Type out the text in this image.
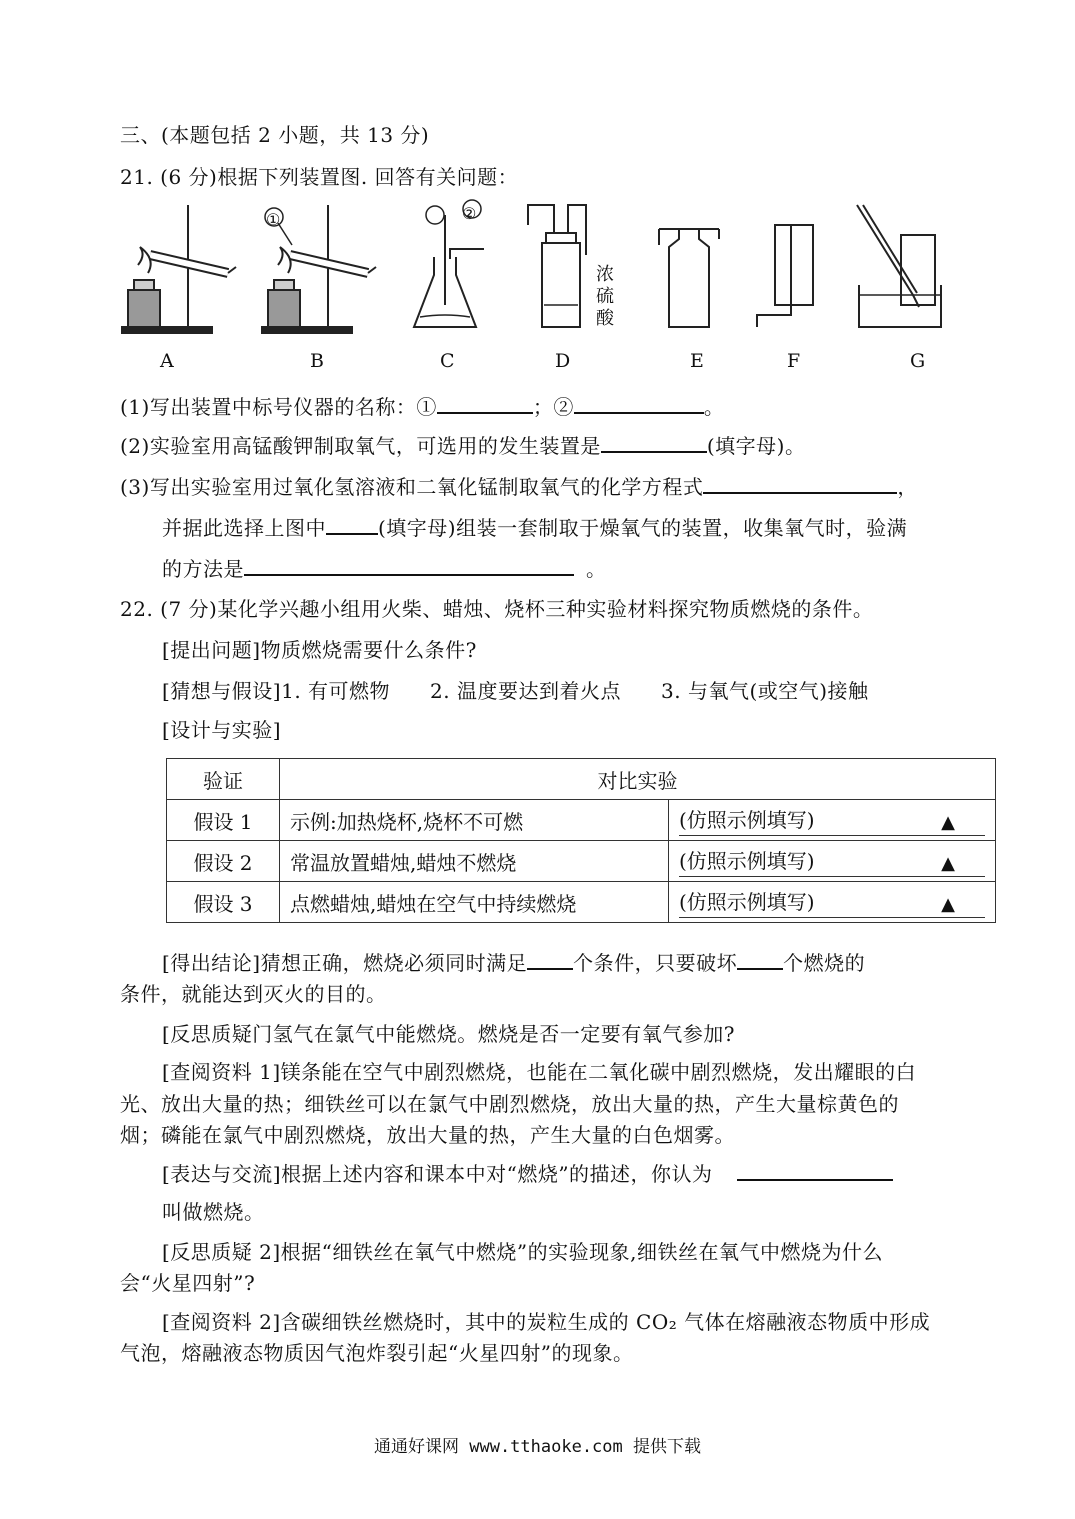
三、(本题包括 2 小题，共 13 分)
21. (6 分)根据下列装置图. 回答有关问题：
A	B	C	D	E	F	G
①	②
浓
硫
酸
(1)写出装置中标号仪器的名称：①	；②	。
(2)实验室用高锰酸钾制取氧气，可选用的发生装置是	(填字母)。
(3)写出实验室用过氧化氢溶液和二氧化锰制取氧气的化学方程式	，
并据此选择上图中	(填字母)组装一套制取于燥氧气的装置，收集氧气时，验满
的方法是	。
22. (7 分)某化学兴趣小组用火柴、蜡烛、烧杯三种实验材料探究物质燃烧的条件。
[提出问题]物质燃烧需要什么条件?
[猜想与假设]1. 有可燃物 2. 温度要达到着火点 3. 与氧气(或空气)接触
[设计与实验]
验证	对比实验	
假设 1	示例:加热烧杯,烧杯不可燃	(仿照示例填写) ▲

假设 2	常温放置蜡烛,蜡烛不燃烧	(仿照示例填写) ▲

假设 3	点燃蜡烛,蜡烛在空气中持续燃烧	(仿照示例填写) ▲
[得出结论]猜想正确，燃烧必须同时满足 个条件，只要破坏 个燃烧的
条件，就能达到灭火的目的。
[反思质疑门氢气在氯气中能燃烧。燃烧是否一定要有氧气参加?
[查阅资料 1]镁条能在空气中剧烈燃烧，也能在二氧化碳中剧烈燃烧，发出耀眼的白
光、放出大量的热；细铁丝可以在氯气中剧烈燃烧，放出大量的热，产生大量棕黄色的
烟；磷能在氯气中剧烈燃烧，放出大量的热，产生大量的白色烟雾。
[表达与交流]根据上述内容和课本中对“燃烧”的描述，你认为
叫做燃烧。
[反思质疑 2]根据“细铁丝在氧气中燃烧”的实验现象,细铁丝在氧气中燃烧为什么
会“火星四射”?
[查阅资料 2]含碳细铁丝燃烧时，其中的炭粒生成的 CO₂ 气体在熔融液态物质中形成
气泡，熔融液态物质因气泡炸裂引起“火星四射”的现象。
通通好课网 www.tthaoke.com 提供下载
